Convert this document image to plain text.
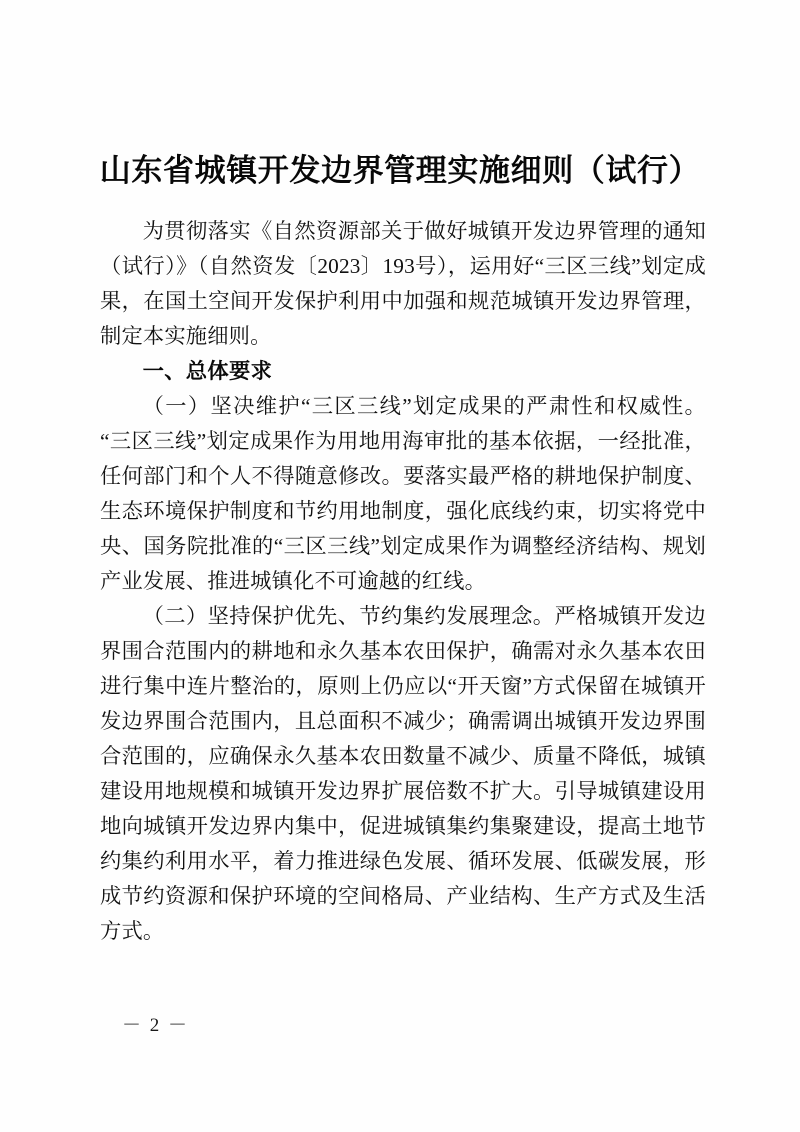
山东省城镇开发边界管理实施细则（试行）

为贯彻落实《自然资源部关于做好城镇开发边界管理的通知（试行）》（自然资发〔2023〕193号），运用好“三区三线”划定成果，在国土空间开发保护利用中加强和规范城镇开发边界管理，制定本实施细则。

一、总体要求

（一）坚决维护“三区三线”划定成果的严肃性和权威性。“三区三线”划定成果作为用地用海审批的基本依据，一经批准，任何部门和个人不得随意修改。要落实最严格的耕地保护制度、生态环境保护制度和节约用地制度，强化底线约束，切实将党中央、国务院批准的“三区三线”划定成果作为调整经济结构、规划产业发展、推进城镇化不可逾越的红线。

（二）坚持保护优先、节约集约发展理念。严格城镇开发边界围合范围内的耕地和永久基本农田保护，确需对永久基本农田进行集中连片整治的，原则上仍应以“开天窗”方式保留在城镇开发边界围合范围内，且总面积不减少；确需调出城镇开发边界围合范围的，应确保永久基本农田数量不减少、质量不降低，城镇建设用地规模和城镇开发边界扩展倍数不扩大。引导城镇建设用地向城镇开发边界内集中，促进城镇集约集聚建设，提高土地节约集约利用水平，着力推进绿色发展、循环发展、低碳发展，形成节约资源和保护环境的空间格局、产业结构、生产方式及生活方式。

－ 2 －
